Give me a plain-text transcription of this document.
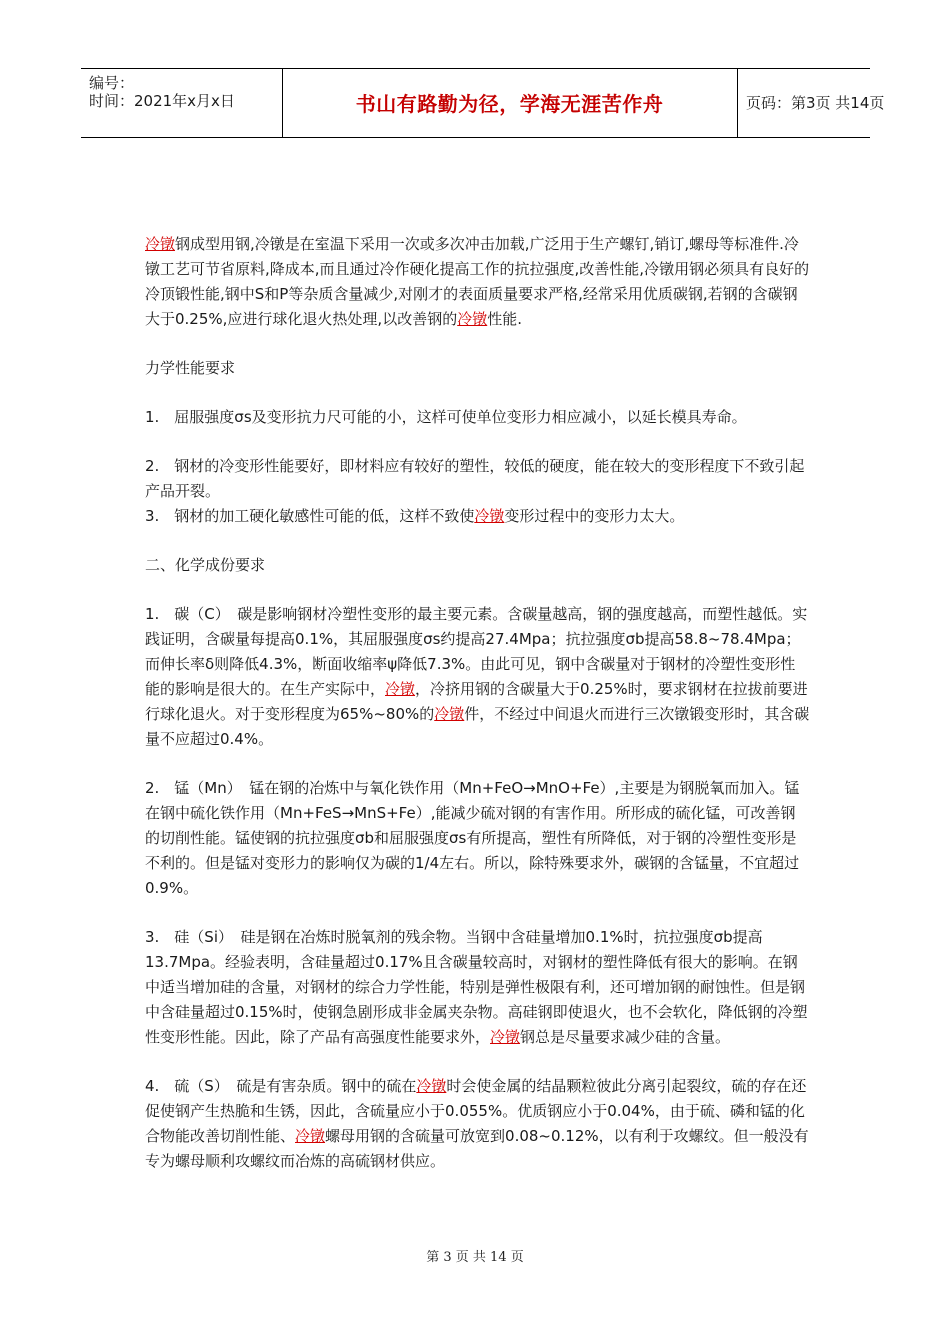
编号：
时间：2021年x月x日	书山有路勤为径，学海无涯苦作舟	页码：第3页 共14页

冷镦钢成型用钢,冷镦是在室温下采用一次或多次冲击加载,广泛用于生产螺钉,销订,螺母等标准件.冷镦工艺可节省原料,降成本,而且通过冷作硬化提高工作的抗拉强度,改善性能,冷镦用钢必须具有良好的冷顶锻性能,钢中S和P等杂质含量减少,对刚才的表面质量要求严格,经常采用优质碳钢,若钢的含碳钢大于0.25%,应进行球化退火热处理,以改善钢的冷镦性能.

力学性能要求

1.　屈服强度σs及变形抗力尺可能的小，这样可使单位变形力相应减小，以延长模具寿命。

2.　钢材的冷变形性能要好，即材料应有较好的塑性，较低的硬度，能在较大的变形程度下不致引起产品开裂。

3.　钢材的加工硬化敏感性可能的低，这样不致使冷镦变形过程中的变形力太大。

二、化学成份要求

1.　碳（C）　碳是影响钢材冷塑性变形的最主要元素。含碳量越高，钢的强度越高，而塑性越低。实践证明，含碳量每提高0.1%，其屈服强度σs约提高27.4Mpa；抗拉强度σb提高58.8~78.4Mpa；而伸长率δ则降低4.3%，断面收缩率ψ降低7.3%。由此可见，钢中含碳量对于钢材的冷塑性变形性能的影响是很大的。在生产实际中，冷镦，冷挤用钢的含碳量大于0.25%时，要求钢材在拉拔前要进行球化退火。对于变形程度为65%~80%的冷镦件，不经过中间退火而进行三次镦锻变形时，其含碳量不应超过0.4%。

2.　锰（Mn）　锰在钢的冶炼中与氧化铁作用（Mn+FeO→MnO+Fe）,主要是为钢脱氧而加入。锰在钢中硫化铁作用（Mn+FeS→MnS+Fe）,能减少硫对钢的有害作用。所形成的硫化锰，可改善钢的切削性能。锰使钢的抗拉强度σb和屈服强度σs有所提高，塑性有所降低，对于钢的冷塑性变形是不利的。但是锰对变形力的影响仅为碳的1/4左右。所以，除特殊要求外，碳钢的含锰量，不宜超过0.9%。

3.　硅（Si）　硅是钢在冶炼时脱氧剂的残余物。当钢中含硅量增加0.1%时，抗拉强度σb提高13.7Mpa。经验表明，含硅量超过0.17%且含碳量较高时，对钢材的塑性降低有很大的影响。在钢中适当增加硅的含量，对钢材的综合力学性能，特别是弹性极限有利，还可增加钢的耐蚀性。但是钢中含硅量超过0.15%时，使钢急剧形成非金属夹杂物。高硅钢即使退火，也不会软化，降低钢的冷塑性变形性能。因此，除了产品有高强度性能要求外，冷镦钢总是尽量要求减少硅的含量。

4.　硫（S）　硫是有害杂质。钢中的硫在冷镦时会使金属的结晶颗粒彼此分离引起裂纹，硫的存在还促使钢产生热脆和生锈，因此，含硫量应小于0.055%。优质钢应小于0.04%，由于硫、磷和锰的化合物能改善切削性能、冷镦螺母用钢的含硫量可放宽到0.08~0.12%，以有利于攻螺纹。但一般没有专为螺母顺利攻螺纹而冶炼的高硫钢材供应。

第 3 页 共 14 页
